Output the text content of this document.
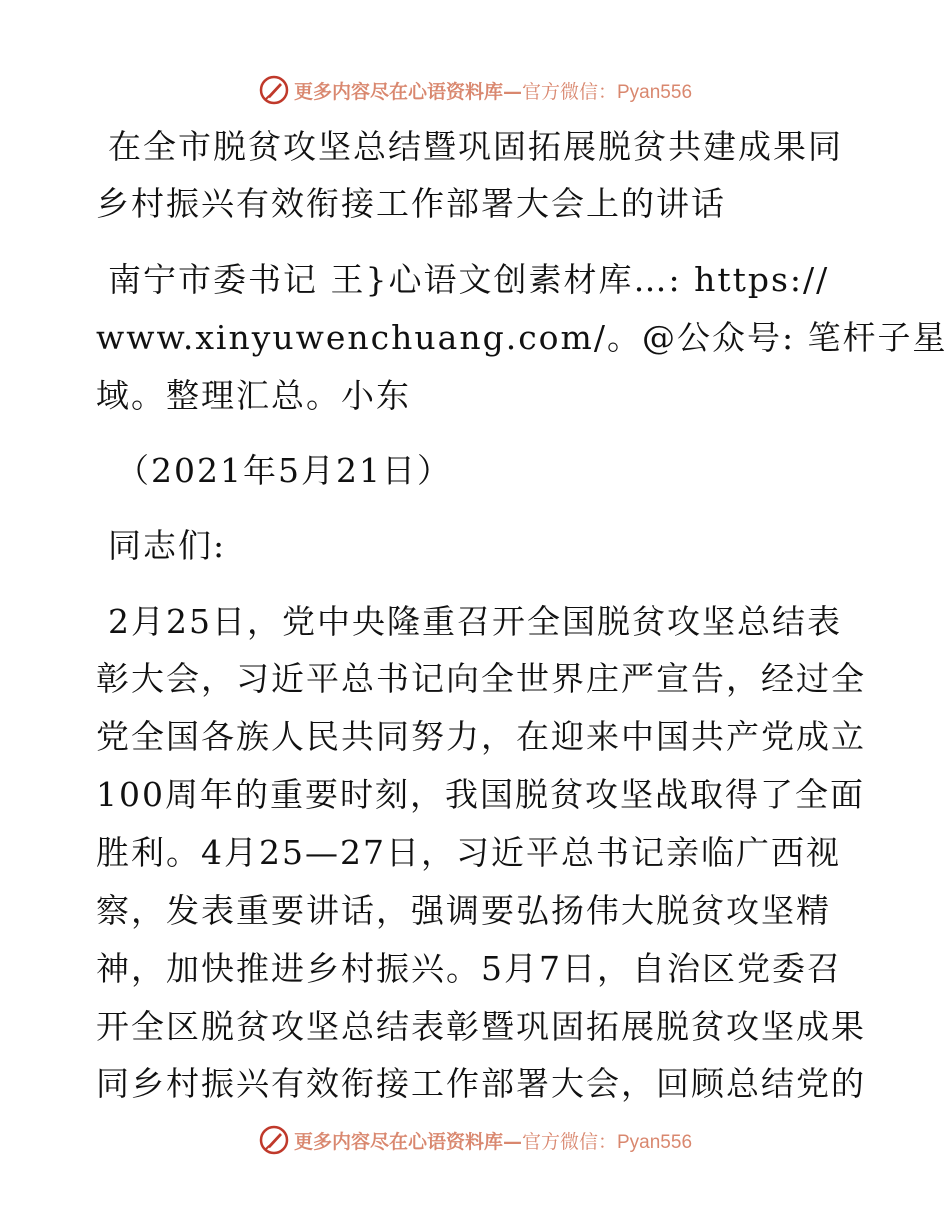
更多内容尽在心语资料库—官方微信：Pyan556
在全市脱贫攻坚总结暨巩固拓展脱贫共建成果同
乡村振兴有效衔接工作部署大会上的讲话
南宁市委书记 王}心语文创素材库…: https://
www.xinyuwenchuang.com/。@公众号: 笔杆子星
域。整理汇总。小东
（2021年5月21日）
同志们:
2月25日，党中央隆重召开全国脱贫攻坚总结表
彰大会，习近平总书记向全世界庄严宣告，经过全
党全国各族人民共同努力，在迎来中国共产党成立
100周年的重要时刻，我国脱贫攻坚战取得了全面
胜利。4月25—27日，习近平总书记亲临广西视
察，发表重要讲话，强调要弘扬伟大脱贫攻坚精
神，加快推进乡村振兴。5月7日，自治区党委召
开全区脱贫攻坚总结表彰暨巩固拓展脱贫攻坚成果
同乡村振兴有效衔接工作部署大会，回顾总结党的
更多内容尽在心语资料库—官方微信：Pyan556
